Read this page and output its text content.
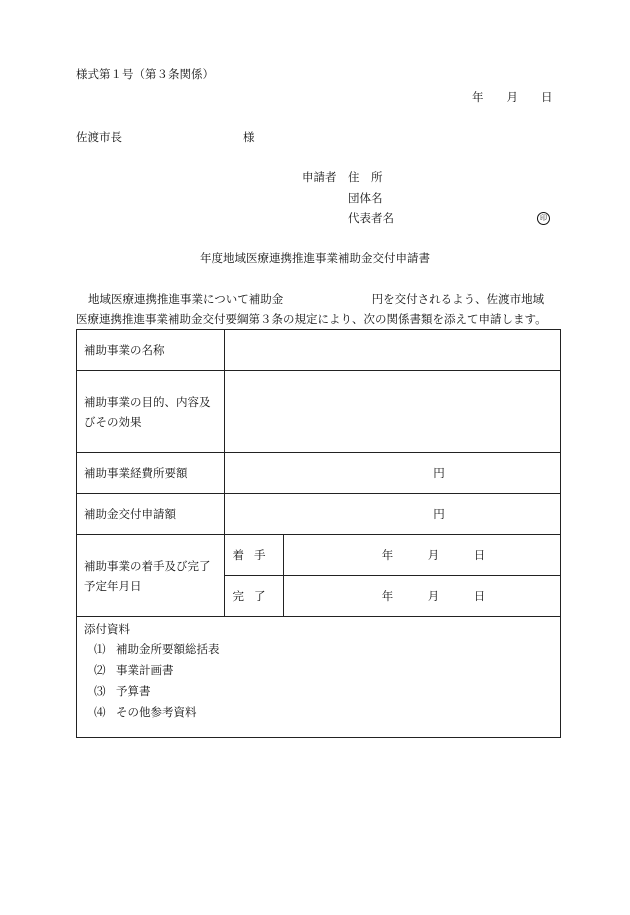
様式第１号（第３条関係）
年　　月　　日
佐渡市長	様
申請者 住　所
団体名
代表者名	印
年度地域医療連携推進事業補助金交付申請書
地域医療連携推進事業について補助金	円を交付されるよう、佐渡市地域
医療連携推進事業補助金交付要綱第３条の規定により、次の関係書類を添えて申請します。
補助事業の名称		
補助事業の目的、内容及びその効果		
補助事業経費所要額	円	
補助金交付申請額	円	
補助事業の着手及び完了予定年月日	着手	年　　　月　　　日
	完了	年　　　月　　　日

添付資料
⑴ 補助金所要額総括表
⑵ 事業計画書
⑶ 予算書
⑷ その他参考資料		
